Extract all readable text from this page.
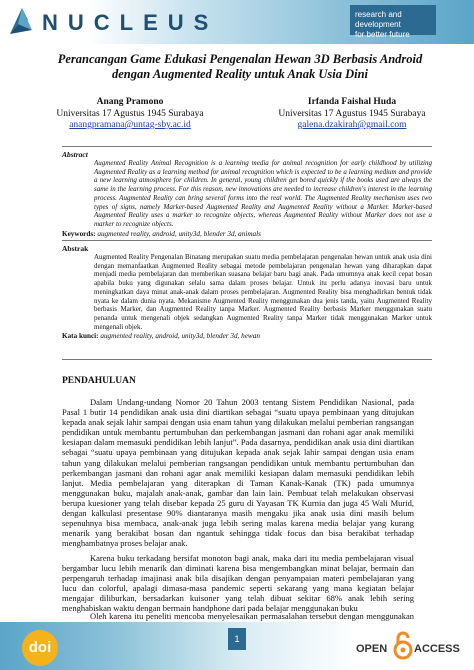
NUCLEUS	research and development
for better future
Perancangan Game Edukasi Pengenalan Hewan 3D Berbasis Android
dengan Augmented Reality untuk Anak Usia Dini
Anang Pramono
Universitas 17 Agustus 1945 Surabaya
anangpramana@untag-sby.ac.id
Irfanda Faishal Huda
Universitas 17 Agustus 1945 Surabaya
galena.dzakirah@gmail.com
Abstract
Augmented Reality Animal Recognition is a learning media for animal recognition for early childhood by utilizing Augmented Reality as a learning method for animal recognition which is expected to be a learning medium and provide a new learning atmosphere for children. In general, young children get bored quickly if the books used are always the same in the learning process. For this reason, new innovations are needed to increase children's interest in the learning process. Augmented Reality can bring several forms into the real world. The Augmented Reality mechanism uses two types of signs, namely Marker-based Augmented Reality and Augmented Reality without a Marker. Marker-based Augmented Reality uses a marker to recognize objects, whereas Augmented Reality without Marker does not use a marker to recognize objects.
Keywords: augmented reality, android, unity3d, blender 3d, animals
Abstrak
Augmented Reality Pengenalan Binatang merupakan suatu media pembelajaran pengenalan hewan untuk anak usia dini dengan memanfaatkan Augmented Reality sebagai metode pembelajaran pengenalan hewan yang diharapkan dapat menjadi media pembelajaran dan memberikan suasana belajar baru bagi anak. Pada umumnya anak kecil cepat bosan apabila buku yang digunakan selalu sama dalam proses belajar. Untuk itu perlu adanya inovasi baru untuk meningkatkan daya minat anak-anak dalam proses pembelajaran. Augmented Reality bisa menghadirkan bentuk tidak nyata ke dalam dunia nyata. Mekanisme Augmented Reality menggunakan dua jenis tanda, yaitu Augmented Reality berbasis Marker, dan Augmented Reality tanpa Marker. Augmented Reality berbasis Marker menggunakan suatu penanda untuk mengenali objek sedangkan Augmented Reality tanpa Marker tidak menggunakan Marker untuk mengenali objek.
Kata kunci: augmented reality, android, unity3d, blender 3d, hewan
PENDAHULUAN
Dalam Undang-undang Nomor 20 Tahun 2003 tentang Sistem Pendidikan Nasional, pada Pasal 1 butir 14 pendidikan anak usia dini diartikan sebagai “suatu upaya pembinaan yang ditujukan kepada anak sejak lahir sampai dengan usia enam tahun yang dilakukan melalui pemberian rangsangan pendidikan untuk membantu pertumbuhan dan perkembangan jasmani dan rohani agar anak memiliki kesiapan dalam memasuki pendidikan lebih lanjut”. Pada dasarnya, pendidikan anak usia dini diartikan sebagai “suatu upaya pembinaan yang ditujukan kepada anak sejak lahir sampai dengan usia enam tahun yang dilakukan melalui pemberian rangsangan pendidikan untuk membantu pertumbuhan dan perkembangan jasmani dan rohani agar anak memiliki kesiapan dalam memasuki pendidikan lebih lanjut. Media pembelajaran yang diterapkan di Taman Kanak-Kanak (TK) pada umumnya menggunakan buku, majalah anak-anak, gambar dan lain lain. Pembuat telah melakukan observasi berupa kuesioner yang telah disebar kepada 25 guru di Yayasan TK Kurnia dan juga 45 Wali Murid, dengan kalkulasi presentase 90% diantaranya masih mengaku jika anak usia dini masih belum sepenuhnya bisa membaca, anak-anak juga lebih sering malas karena media belajar yang kurang menarik yang berakibat bosan dan ngantuk sehingga tidak focus dan bisa berakibat terhadap menghambatnya proses belajar anak.
Karena buku terkadang bersifat monoton bagi anak, maka dari itu media pembelajaran visual bergambar lucu lebih menarik dan diminati karena bisa mengembangkan minat belajar, bermain dan perpengaruh terhadap imajinasi anak bila disajikan dengan penyampaian materi pembelajaran yang lucu dan colorful, apalagi dimasa-masa pandemic seperti sekarang yang mana kegiatan belajar mengajar diliburkan, bersadarkan kuisoner yang telah dibuat sekitar 68% anak lebih sering menghabiskan waktu dengan bermain handphone dari pada belajar menggunakan buku
Oleh karena itu peneliti mencoba menyelesaikan permasalahan tersebut dengan menggunakan
doi	1
OPEN ACCESS
